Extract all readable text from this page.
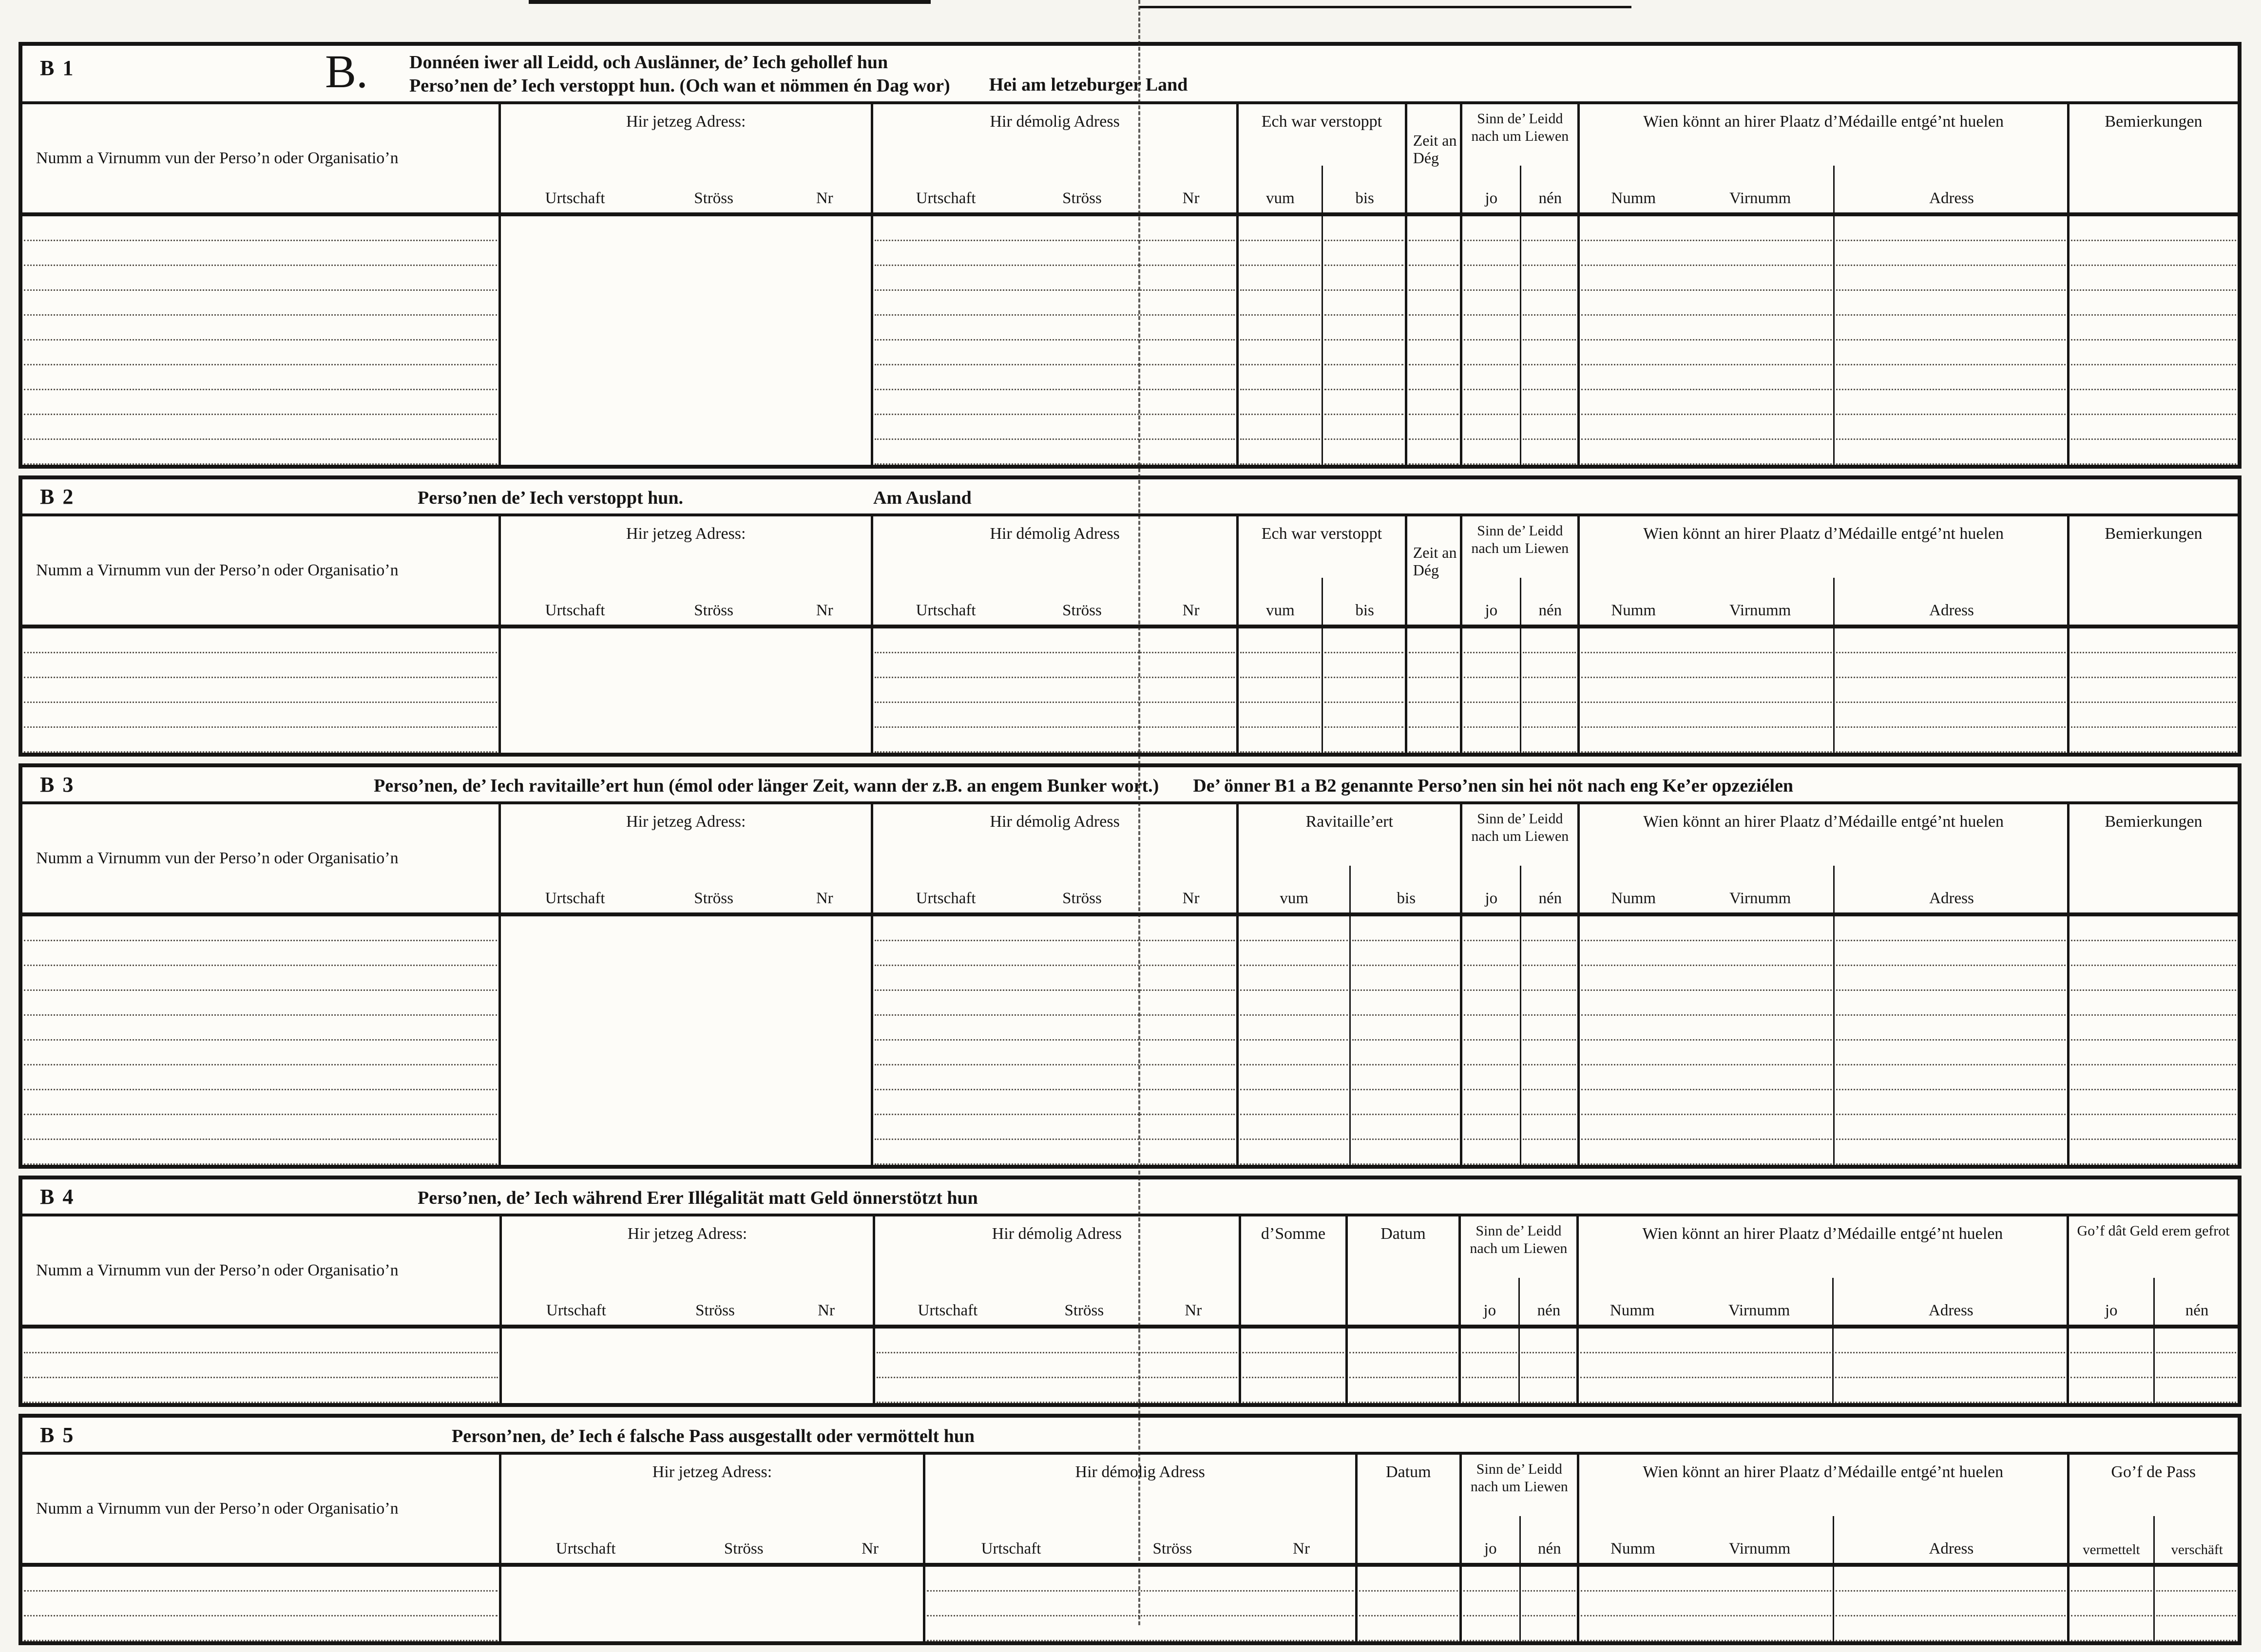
B 1	B. Donnéen iwer all Leidd, och Auslänner, de’ Iech gehollef hun
Perso’nen de’ Iech verstoppt hun. (Och wan et nömmen én Dag wor) Hei am letzeburger Land
Numm a Virnumm vun der Perso’n oder Organisatio’n
Hir jetzeg Adress:
Urtschaft	Ströss	Nr
Hir démolig Adress
Urtschaft	Ströss	Nr
Ech war verstoppt
vum	bis
Zeit an Dég
Sinn de’ Leidd nach um Liewen
jo	nén
Wien könnt an hirer Plaatz d’Médaille entgé’nt huelen
Numm	Virnumm	Adress
Bemierkungen
B 2	Perso’nen de’ Iech verstoppt hun.	Am Ausland
Numm a Virnumm vun der Perso’n oder Organisatio’n
Hir jetzeg Adress:
Urtschaft	Ströss	Nr
Hir démolig Adress
Urtschaft	Ströss	Nr
Ech war verstoppt
vum	bis
Zeit an Dég
Sinn de’ Leidd nach um Liewen
jo	nén
Wien könnt an hirer Plaatz d’Médaille entgé’nt huelen
Numm	Virnumm	Adress
Bemierkungen
B 3	Perso’nen, de’ Iech ravitaille’ert hun (émol oder länger Zeit, wann der z.B. an engem Bunker wort.) De’ önner B1 a B2 genannte Perso’nen sin hei nöt nach eng Ke’er opzeziélen
Numm a Virnumm vun der Perso’n oder Organisatio’n
Hir jetzeg Adress:
Urtschaft	Ströss	Nr
Hir démolig Adress
Urtschaft	Ströss	Nr
Ravitaille’ert
vum	bis
Sinn de’ Leidd nach um Liewen
jo	nén
Wien könnt an hirer Plaatz d’Médaille entgé’nt huelen
Numm	Virnumm	Adress
Bemierkungen
B 4	Perso’nen, de’ Iech während Erer Illégalität matt Geld önnerstötzt hun
Numm a Virnumm vun der Perso’n oder Organisatio’n
Hir jetzeg Adress:
Urtschaft	Ströss	Nr
Hir démolig Adress
Urtschaft	Ströss	Nr
d’Somme	Datum	Sinn de’ Leidd nach um Liewen
jo	nén
Wien könnt an hirer Plaatz d’Médaille entgé’nt huelen
Numm	Virnumm	Adress
Go’f dât Geld erem gefrot
jo	nén
B 5	Person’nen, de’ Iech é falsche Pass ausgestallt oder vermöttelt hun
Numm a Virnumm vun der Perso’n oder Organisatio’n
Hir jetzeg Adress:
Urtschaft	Ströss	Nr
Hir démolig Adress
Urtschaft	Ströss	Nr
Datum	Sinn de’ Leidd nach um Liewen
jo	nén
Wien könnt an hirer Plaatz d’Médaille entgé’nt huelen
Numm	Virnumm	Adress
Go’f de Pass
vermettelt	verschäft
